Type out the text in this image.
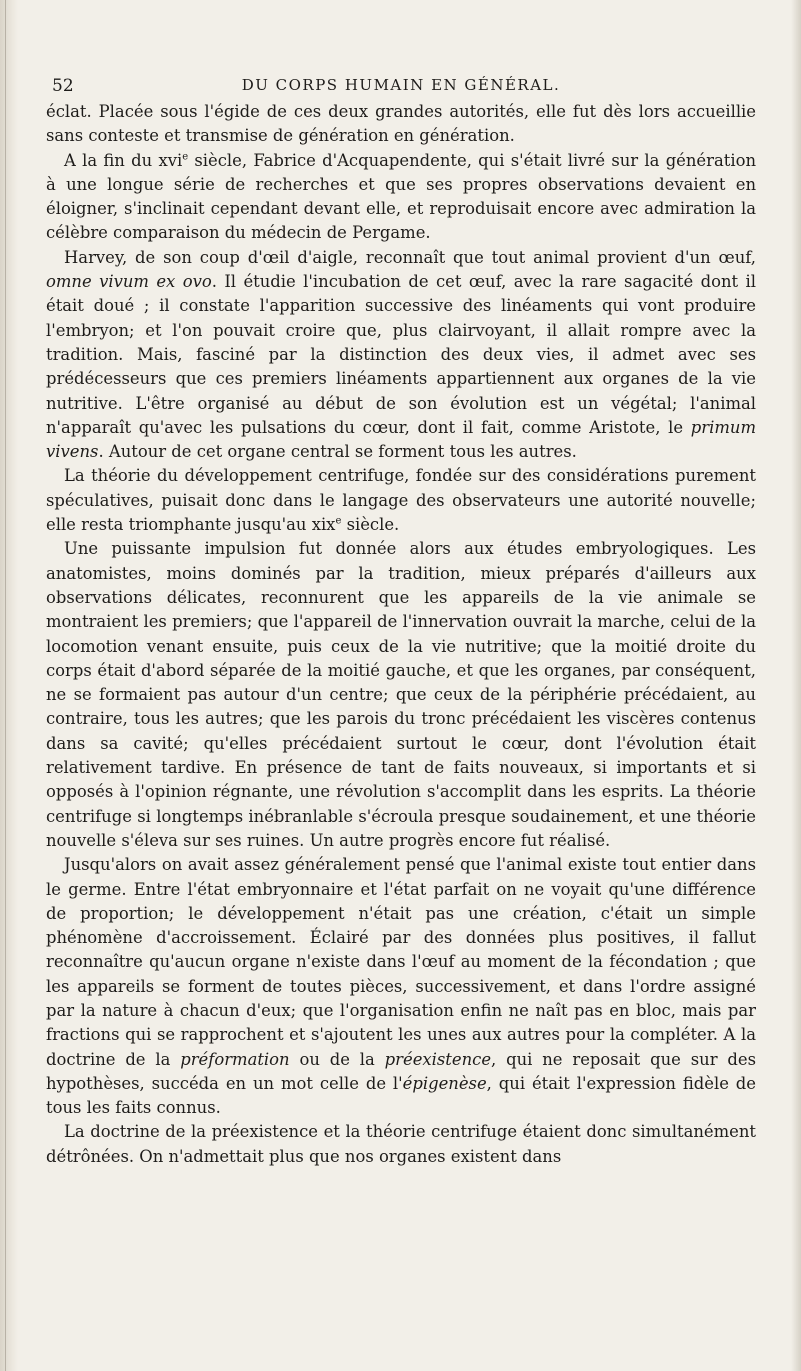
52	DU CORPS HUMAIN EN GÉNÉRAL.

éclat. Placée sous l'égide de ces deux grandes autorités, elle fut dès lors accueillie sans conteste et transmise de génération en génération.

A la fin du xvi$^e$ siècle, Fabrice d'Acquapendente, qui s'était livré sur la génération à une longue série de recherches et que ses propres observations devaient en éloigner, s'inclinait cependant devant elle, et reproduisait encore avec admiration la célèbre comparaison du médecin de Pergame.

Harvey, de son coup d'œil d'aigle, reconnaît que tout animal provient d'un œuf, omne vivum ex ovo. Il étudie l'incubation de cet œuf, avec la rare sagacité dont il était doué ; il constate l'apparition successive des linéaments qui vont produire l'embryon; et l'on pouvait croire que, plus clairvoyant, il allait rompre avec la tradition. Mais, fasciné par la distinction des deux vies, il admet avec ses prédécesseurs que ces premiers linéaments appartiennent aux organes de la vie nutritive. L'être organisé au début de son évolution est un végétal; l'animal n'apparaît qu'avec les pulsations du cœur, dont il fait, comme Aristote, le primum vivens. Autour de cet organe central se forment tous les autres.

La théorie du développement centrifuge, fondée sur des considérations purement spéculatives, puisait donc dans le langage des observateurs une autorité nouvelle; elle resta triomphante jusqu'au xix$^e$ siècle.

Une puissante impulsion fut donnée alors aux études embryologiques. Les anatomistes, moins dominés par la tradition, mieux préparés d'ailleurs aux observations délicates, reconnurent que les appareils de la vie animale se montraient les premiers; que l'appareil de l'innervation ouvrait la marche, celui de la locomotion venant ensuite, puis ceux de la vie nutritive; que la moitié droite du corps était d'abord séparée de la moitié gauche, et que les organes, par conséquent, ne se formaient pas autour d'un centre; que ceux de la périphérie précédaient, au contraire, tous les autres; que les parois du tronc précédaient les viscères contenus dans sa cavité; qu'elles précédaient surtout le cœur, dont l'évolution était relativement tardive. En présence de tant de faits nouveaux, si importants et si opposés à l'opinion régnante, une révolution s'accomplit dans les esprits. La théorie centrifuge si longtemps inébranlable s'écroula presque soudainement, et une théorie nouvelle s'éleva sur ses ruines. Un autre progrès encore fut réalisé.

Jusqu'alors on avait assez généralement pensé que l'animal existe tout entier dans le germe. Entre l'état embryonnaire et l'état parfait on ne voyait qu'une différence de proportion; le développement n'était pas une création, c'était un simple phénomène d'accroissement. Éclairé par des données plus positives, il fallut reconnaître qu'aucun organe n'existe dans l'œuf au moment de la fécondation ; que les appareils se forment de toutes pièces, successivement, et dans l'ordre assigné par la nature à chacun d'eux; que l'organisation enfin ne naît pas en bloc, mais par fractions qui se rapprochent et s'ajoutent les unes aux autres pour la compléter. A la doctrine de la préformation ou de la préexistence, qui ne reposait que sur des hypothèses, succéda en un mot celle de l'épigenèse, qui était l'expression fidèle de tous les faits connus.

La doctrine de la préexistence et la théorie centrifuge étaient donc simultanément détrônées. On n'admettait plus que nos organes existent dans
